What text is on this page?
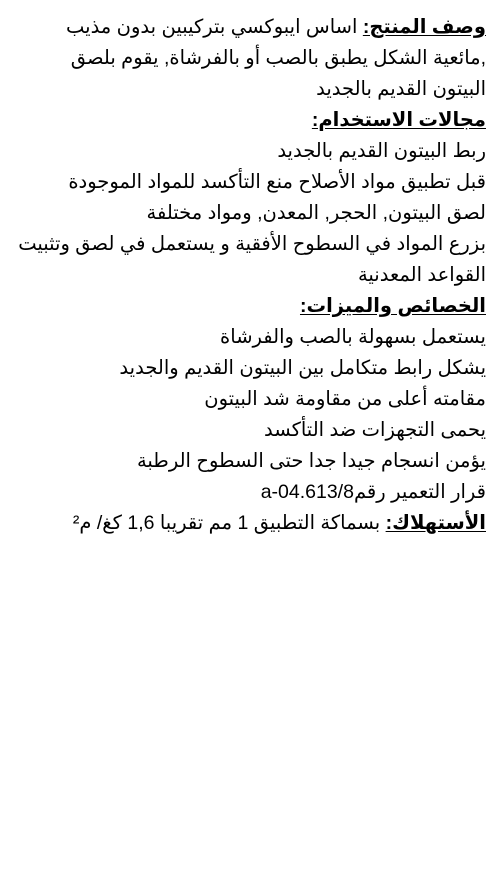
وصف المنتج: اساس ايبوكسي بتركيبين بدون مذيب ,مائعية الشكل يطبق بالصب أو بالفرشاة, يقوم بلصق البيتون القديم بالجديد

مجالات الاستخدام:

ربط البيتون القديم بالجديد
قبل تطبيق مواد الأصلاح منع التأكسد للمواد الموجودة
لصق البيتون, الحجر, المعدن, ومواد مختلفة
بزرع المواد في السطوح الأفقية و يستعمل في لصق وتثبيت القواعد المعدنية

الخصائص والميزات:

يستعمل بسهولة بالصب والفرشاة
يشكل رابط متكامل بين البيتون القديم والجديد
مقامته أعلى من مقاومة شد البيتون
يحمى التجهزات ضد التأكسد
يؤمن انسجام جيدا جدا حتى السطوح الرطبة
قرار التعمير رقمa-04.613/8

الأستهلاك: بسماكة التطبيق 1 مم تقريبا 1,6 كغ/ م²
